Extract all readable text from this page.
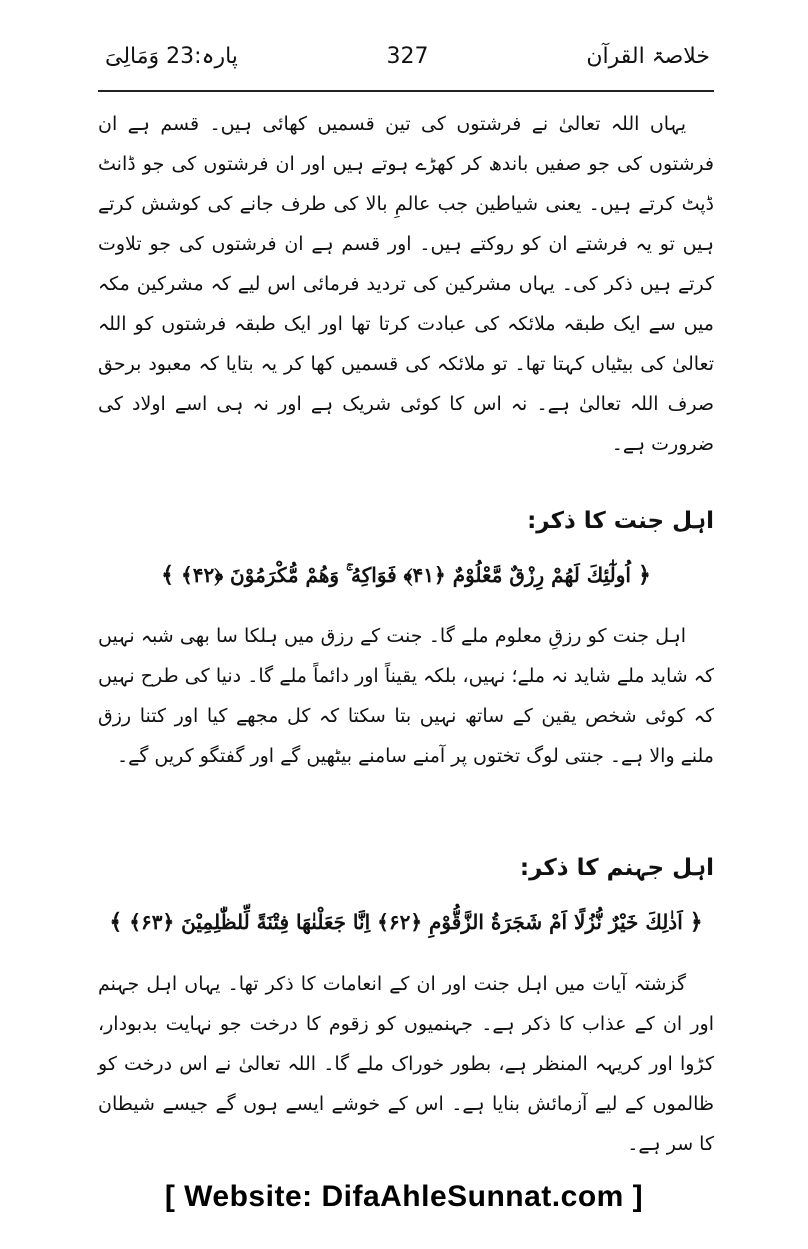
خلاصۃ القرآن
327
پارہ:23 وَمَالِیَ
یہاں اللہ تعالیٰ نے فرشتوں کی تین قسمیں کھائی ہیں۔ قسم ہے ان فرشتوں کی جو صفیں باندھ کر کھڑے ہوتے ہیں اور ان فرشتوں کی جو ڈانٹ ڈپٹ کرتے ہیں۔ یعنی شیاطین جب عالمِ بالا کی طرف جانے کی کوشش کرتے ہیں تو یہ فرشتے ان کو روکتے ہیں۔ اور قسم ہے ان فرشتوں کی جو تلاوت کرتے ہیں ذکر کی۔ یہاں مشرکین کی تردید فرمائی اس لیے کہ مشرکین مکہ میں سے ایک طبقہ ملائکہ کی عبادت کرتا تھا اور ایک طبقہ فرشتوں کو اللہ تعالیٰ کی بیٹیاں کہتا تھا۔ تو ملائکہ کی قسمیں کھا کر یہ بتایا کہ معبود برحق صرف اللہ تعالیٰ ہے۔ نہ اس کا کوئی شریک ہے اور نہ ہی اسے اولاد کی ضرورت ہے۔
اہل جنت کا ذکر:
﴿ اُولٰٓئِكَ لَهُمْ رِزْقٌ مَّعْلُوْمٌ ﴿۴۱﴾ فَوَاكِهُ ۚ وَهُمْ مُّكْرَمُوْنَ ﴿۴۲﴾ ﴾
اہل جنت کو رزقِ معلوم ملے گا۔ جنت کے رزق میں ہلکا سا بھی شبہ نہیں کہ شاید ملے شاید نہ ملے؛ نہیں، بلکہ یقیناً اور دائماً ملے گا۔ دنیا کی طرح نہیں کہ کوئی شخص یقین کے ساتھ نہیں بتا سکتا کہ کل مجھے کیا اور کتنا رزق ملنے والا ہے۔ جنتی لوگ تختوں پر آمنے سامنے بیٹھیں گے اور گفتگو کریں گے۔
اہل جہنم کا ذکر:
﴿ اَذٰلِكَ خَيْرٌ نُّزُلًا اَمْ شَجَرَةُ الزَّقُّوْمِ ﴿۶۲﴾ اِنَّا جَعَلْنٰهَا فِتْنَةً لِّلظّٰلِمِيْنَ ﴿۶۳﴾ ﴾
گزشتہ آیات میں اہل جنت اور ان کے انعامات کا ذکر تھا۔ یہاں اہل جہنم اور ان کے عذاب کا ذکر ہے۔ جہنمیوں کو زقوم کا درخت جو نہایت بدبودار، کڑوا اور کریہہ المنظر ہے، بطور خوراک ملے گا۔ اللہ تعالیٰ نے اس درخت کو ظالموں کے لیے آزمائش بنایا ہے۔ اس کے خوشے ایسے ہوں گے جیسے شیطان کا سر ہے۔
[ Website: DifaAhleSunnat.com ]
